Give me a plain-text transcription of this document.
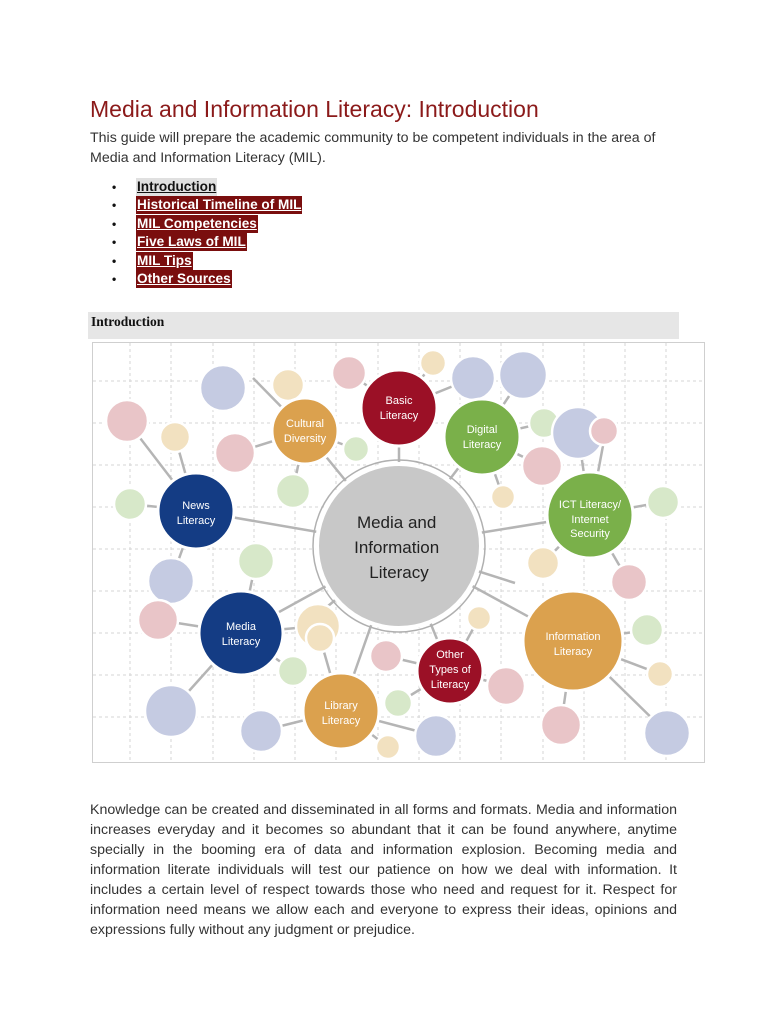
Media and Information Literacy: Introduction
This guide will prepare the academic community to be competent individuals in the area of Media and Information Literacy (MIL).
• Introduction
• Historical Timeline of MIL
• MIL Competencies
• Five Laws of MIL
• MIL Tips
• Other Sources
Introduction
Media and Information Literacy
Basic Literacy
Cultural Diversity
Digital Literacy
News Literacy
ICT Literacy/ Internet Security
Media Literacy	Information Literacy
Other Types of Literacy
Library Literacy
Knowledge can be created and disseminated in all forms and formats. Media and information increases everyday and it becomes so abundant that it can be found anywhere, anytime specially in the booming era of data and information explosion. Becoming media and information literate individuals will test our patience on how we deal with information. It includes a certain level of respect towards those who need and request for it. Respect for information need means we allow each and everyone to express their ideas, opinions and expressions fully without any judgment or prejudice.
